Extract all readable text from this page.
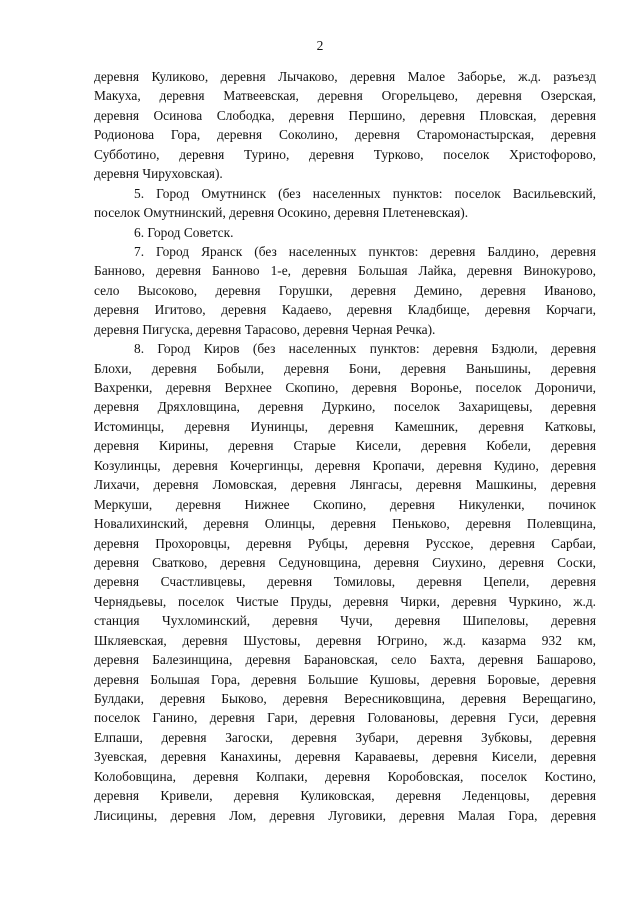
2
деревня Куликово, деревня Лычаково, деревня Малое Заборье, ж.д. разъезд
Макуха, деревня Матвеевская, деревня Огорельцево, деревня Озерская,
деревня Осинова Слободка, деревня Першино, деревня Пловская, деревня
Родионова Гора, деревня Соколино, деревня Старомонастырская, деревня
Субботино, деревня Турино, деревня Турково, поселок Христофорово,
деревня Чируховская).
5. Город Омутнинск (без населенных пунктов: поселок Васильевский,
поселок Омутнинский, деревня Осокино, деревня Плетеневская).
6. Город Советск.
7. Город Яранск (без населенных пунктов: деревня Балдино, деревня
Банново, деревня Банново 1-е, деревня Большая Лайка, деревня Винокурово,
село Высоково, деревня Горушки, деревня Демино, деревня Иваново,
деревня Игитово, деревня Кадаево, деревня Кладбище, деревня Корчаги,
деревня Пигуска, деревня Тарасово, деревня Черная Речка).
8. Город Киров (без населенных пунктов: деревня Бздюли, деревня
Блохи, деревня Бобыли, деревня Бони, деревня Ваньшины, деревня
Вахренки, деревня Верхнее Скопино, деревня Воронье, поселок Дороничи,
деревня Дряхловщина, деревня Дуркино, поселок Захарищевы, деревня
Истоминцы, деревня Иунинцы, деревня Камешник, деревня Катковы,
деревня Кирины, деревня Старые Кисели, деревня Кобели, деревня
Козулинцы, деревня Кочергинцы, деревня Кропачи, деревня Кудино, деревня
Лихачи, деревня Ломовская, деревня Лянгасы, деревня Машкины, деревня
Меркуши, деревня Нижнее Скопино, деревня Никуленки, починок
Новалихинский, деревня Олинцы, деревня Пеньково, деревня Полевщина,
деревня Прохоровцы, деревня Рубцы, деревня Русское, деревня Сарбаи,
деревня Сватково, деревня Седуновщина, деревня Сиухино, деревня Соски,
деревня Счастливцевы, деревня Томиловы, деревня Цепели, деревня
Черняд‌ьевы, поселок Чистые Пруды, деревня Чирки, деревня Чуркино, ж.д.
станция Чухломинский, деревня Чучи, деревня Шипеловы, деревня
Шкляевская, деревня Шустовы, деревня Югрино, ж.д. казарма 932 км,
деревня Балезинщина, деревня Барановская, село Бахта, деревня Башарово,
деревня Большая Гора, деревня Большие Кушовы, деревня Боровые, деревня
Булдаки, деревня Быково, деревня Вересниковщина, деревня Верещагино,
поселок Ганино, деревня Гари, деревня Головановы, деревня Гуси, деревня
Елпаши, деревня Загоски, деревня Зубари, деревня Зубковы, деревня
Зуевская, деревня Канахины, деревня Караваевы, деревня Кисели, деревня
Колобовщина, деревня Колпаки, деревня Коробовская, поселок Костино,
деревня Кривели, деревня Куликовская, деревня Леденцовы, деревня
Лисицины, деревня Лом, деревня Луговики, деревня Малая Гора, деревня
